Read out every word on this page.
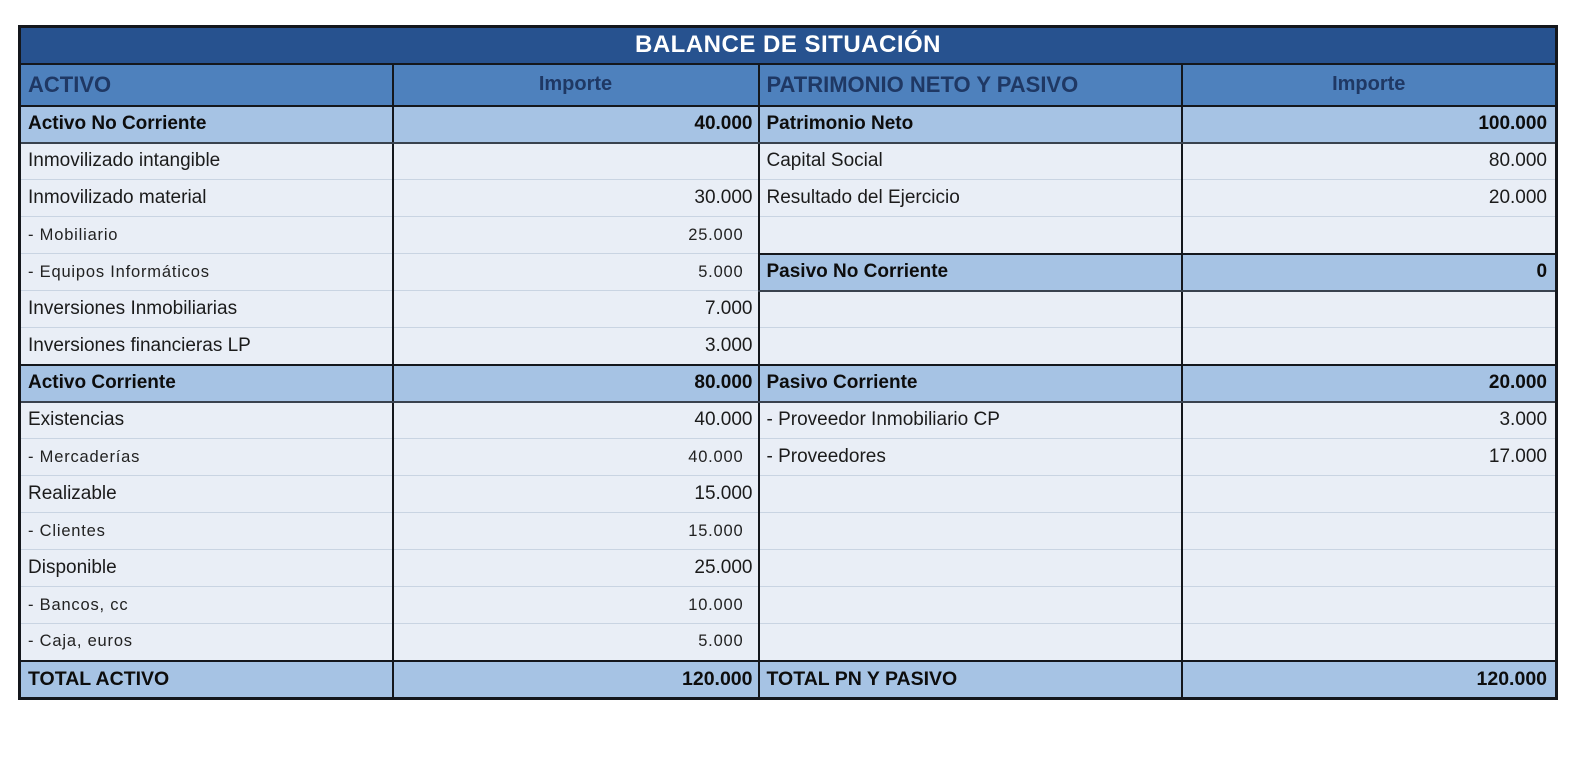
BALANCE DE SITUACIÓN			
ACTIVO	Importe	PATRIMONIO NETO Y PASIVO	Importe
Activo No Corriente	40.000	Patrimonio Neto	100.000
Inmovilizado intangible		Capital Social	80.000
Inmovilizado material	30.000	Resultado del Ejercicio	20.000
- Mobiliario	25.000		
- Equipos Informáticos	5.000	Pasivo No Corriente	0
Inversiones Inmobiliarias	7.000		
Inversiones financieras LP	3.000		
Activo Corriente	80.000	Pasivo Corriente	20.000
Existencias	40.000	- Proveedor Inmobiliario CP	3.000
- Mercaderías	40.000	- Proveedores	17.000
Realizable	15.000		
- Clientes	15.000		
Disponible	25.000		
- Bancos, cc	10.000		
- Caja, euros	5.000		
TOTAL ACTIVO	120.000	TOTAL PN Y PASIVO	120.000
